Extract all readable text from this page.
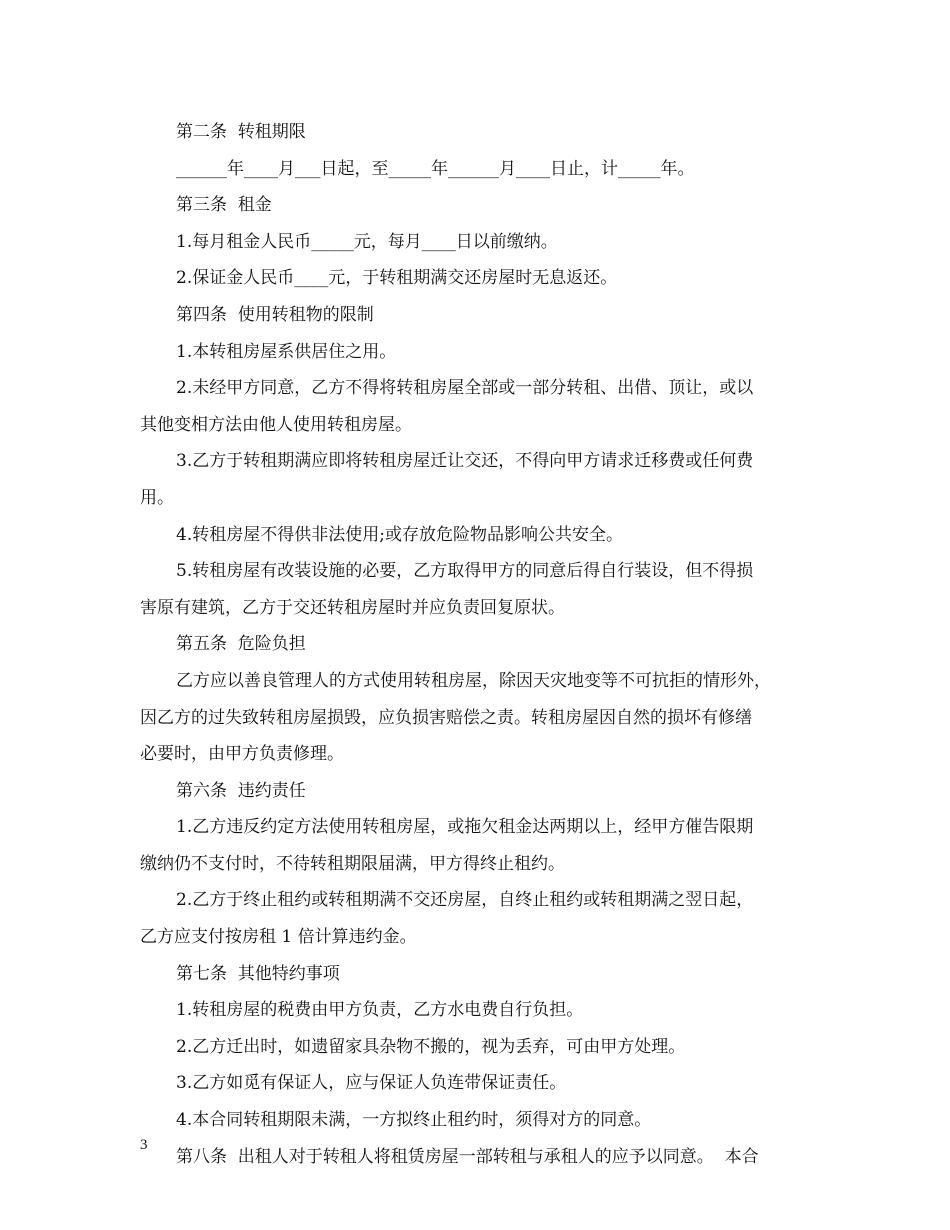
第二条  转租期限
______年____月___日起，至_____年______月____日止，计_____年。
第三条  租金
1.每月租金人民币_____元，每月____日以前缴纳。
2.保证金人民币____元，于转租期满交还房屋时无息返还。
第四条  使用转租物的限制
1.本转租房屋系供居住之用。
2.未经甲方同意，乙方不得将转租房屋全部或一部分转租、出借、顶让，或以
其他变相方法由他人使用转租房屋。
3.乙方于转租期满应即将转租房屋迁让交还，不得向甲方请求迁移费或任何费
用。
4.转租房屋不得供非法使用;或存放危险物品影响公共安全。
5.转租房屋有改装设施的必要，乙方取得甲方的同意后得自行装设，但不得损
害原有建筑，乙方于交还转租房屋时并应负责回复原状。
第五条  危险负担
乙方应以善良管理人的方式使用转租房屋，除因天灾地变等不可抗拒的情形外，
因乙方的过失致转租房屋损毁，应负损害赔偿之责。转租房屋因自然的损坏有修缮
必要时，由甲方负责修理。
第六条  违约责任
1.乙方违反约定方法使用转租房屋，或拖欠租金达两期以上，经甲方催告限期
缴纳仍不支付时，不待转租期限届满，甲方得终止租约。
2.乙方于终止租约或转租期满不交还房屋，自终止租约或转租期满之翌日起，
乙方应支付按房租 1 倍计算违约金。
第七条  其他特约事项
1.转租房屋的税费由甲方负责，乙方水电费自行负担。
2.乙方迁出时，如遗留家具杂物不搬的，视为丢弃，可由甲方处理。
3.乙方如觅有保证人，应与保证人负连带保证责任。
4.本合同转租期限未满，一方拟终止租约时，须得对方的同意。
第八条  出租人对于转租人将租赁房屋一部转租与承租人的应予以同意。  本合
3
